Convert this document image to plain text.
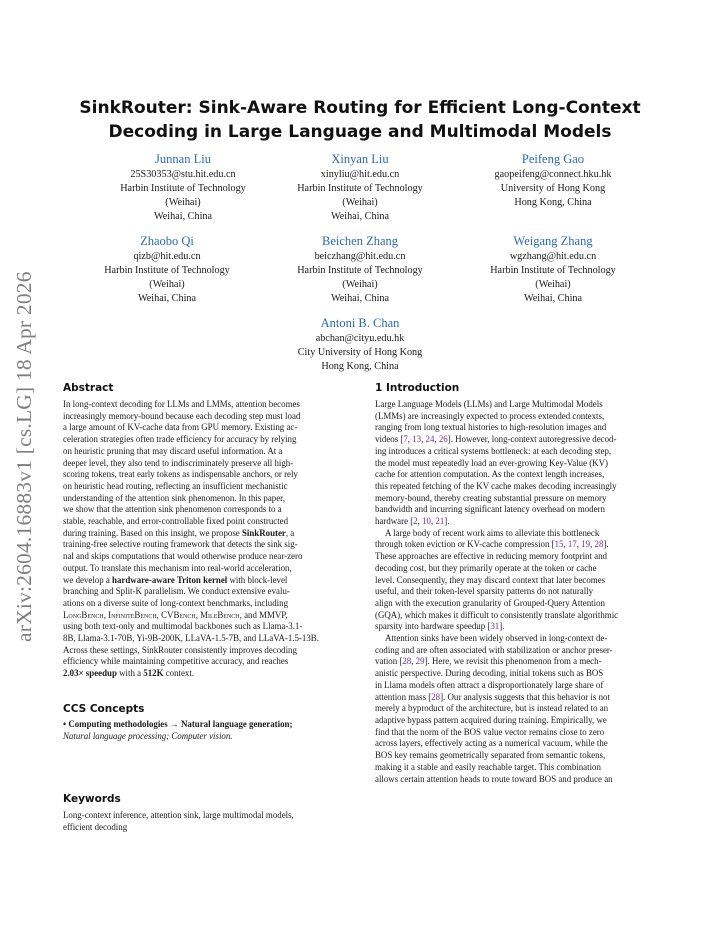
arXiv:2604.16883v1 [cs.LG] 18 Apr 2026
SinkRouter: Sink-Aware Routing for Efficient Long-Context
Decoding in Large Language and Multimodal Models
Junnan Liu
25S30353@stu.hit.edu.cn
Harbin Institute of Technology
(Weihai)
Weihai, China
Xinyan Liu
xinyliu@hit.edu.cn
Harbin Institute of Technology
(Weihai)
Weihai, China
Peifeng Gao
gaopeifeng@connect.hku.hk
University of Hong Kong
Hong Kong, China
Zhaobo Qi
qizb@hit.edu.cn
Harbin Institute of Technology
(Weihai)
Weihai, China
Beichen Zhang
beiczhang@hit.edu.cn
Harbin Institute of Technology
(Weihai)
Weihai, China
Weigang Zhang
wgzhang@hit.edu.cn
Harbin Institute of Technology
(Weihai)
Weihai, China
Antoni B. Chan
abchan@cityu.edu.hk
City University of Hong Kong
Hong Kong, China
Abstract
In long-context decoding for LLMs and LMMs, attention becomes
increasingly memory-bound because each decoding step must load
a large amount of KV-cache data from GPU memory. Existing ac-
celeration strategies often trade efficiency for accuracy by relying
on heuristic pruning that may discard useful information. At a
deeper level, they also tend to indiscriminately preserve all high-
scoring tokens, treat early tokens as indispensable anchors, or rely
on heuristic head routing, reflecting an insufficient mechanistic
understanding of the attention sink phenomenon. In this paper,
we show that the attention sink phenomenon corresponds to a
stable, reachable, and error-controllable fixed point constructed
during training. Based on this insight, we propose SinkRouter, a
training-free selective routing framework that detects the sink sig-
nal and skips computations that would otherwise produce near-zero
output. To translate this mechanism into real-world acceleration,
we develop a hardware-aware Triton kernel with block-level
branching and Split-K parallelism. We conduct extensive evalu-
ations on a diverse suite of long-context benchmarks, including
LongBench, InfiniteBench, CVBench, MileBench, and MMVP,
using both text-only and multimodal backbones such as Llama-3.1-
8B, Llama-3.1-70B, Yi-9B-200K, LLaVA-1.5-7B, and LLaVA-1.5-13B.
Across these settings, SinkRouter consistently improves decoding
efficiency while maintaining competitive accuracy, and reaches
2.03× speedup with a 512K context.
CCS Concepts
• Computing methodologies → Natural language generation;
Natural language processing; Computer vision.
Keywords
Long-context inference, attention sink, large multimodal models,
efficient decoding
1 Introduction
Large Language Models (LLMs) and Large Multimodal Models
(LMMs) are increasingly expected to process extended contexts,
ranging from long textual histories to high-resolution images and
videos [7, 13, 24, 26]. However, long-context autoregressive decod-
ing introduces a critical systems bottleneck: at each decoding step,
the model must repeatedly load an ever-growing Key-Value (KV)
cache for attention computation. As the context length increases,
this repeated fetching of the KV cache makes decoding increasingly
memory-bound, thereby creating substantial pressure on memory
bandwidth and incurring significant latency overhead on modern
hardware [2, 10, 21].
A large body of recent work aims to alleviate this bottleneck
through token eviction or KV-cache compression [15, 17, 19, 28].
These approaches are effective in reducing memory footprint and
decoding cost, but they primarily operate at the token or cache
level. Consequently, they may discard context that later becomes
useful, and their token-level sparsity patterns do not naturally
align with the execution granularity of Grouped-Query Attention
(GQA), which makes it difficult to consistently translate algorithmic
sparsity into hardware speedup [31].
Attention sinks have been widely observed in long-context de-
coding and are often associated with stabilization or anchor preser-
vation [28, 29]. Here, we revisit this phenomenon from a mech-
anistic perspective. During decoding, initial tokens such as BOS
in Llama models often attract a disproportionately large share of
attention mass [28]. Our analysis suggests that this behavior is not
merely a byproduct of the architecture, but is instead related to an
adaptive bypass pattern acquired during training. Empirically, we
find that the norm of the BOS value vector remains close to zero
across layers, effectively acting as a numerical vacuum, while the
BOS key remains geometrically separated from semantic tokens,
making it a stable and easily reachable target. This combination
allows certain attention heads to route toward BOS and produce an
